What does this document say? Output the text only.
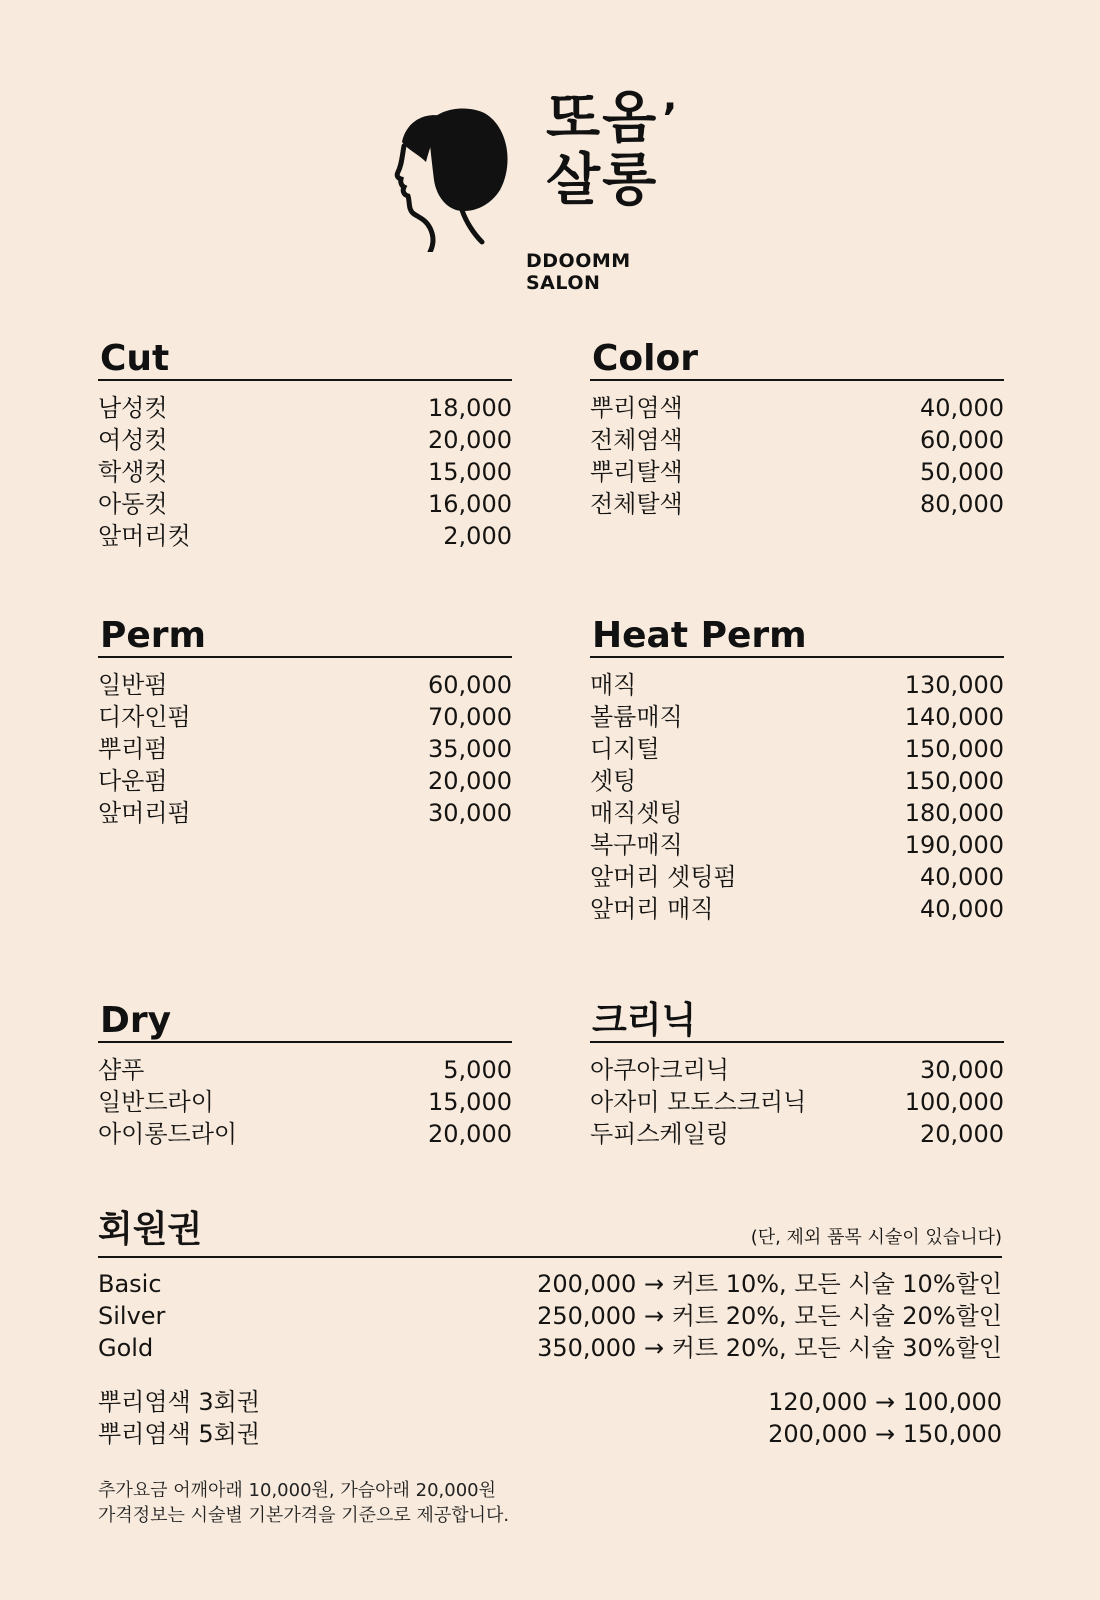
또옴 ’
살롱
DDOOMM SALON
Cut
남성컷	18,000
여성컷	20,000
학생컷	15,000
아동컷	16,000
앞머리컷	2,000
Color
뿌리염색	40,000
전체염색	60,000
뿌리탈색	50,000
전체탈색	80,000
Perm
일반펌	60,000
디자인펌	70,000
뿌리펌	35,000
다운펌	20,000
앞머리펌	30,000
Heat Perm
매직	130,000
볼륨매직	140,000
디지털	150,000
셋팅	150,000
매직셋팅	180,000
복구매직	190,000
앞머리 셋팅펌	40,000
앞머리 매직	40,000
Dry
샴푸	5,000
일반드라이	15,000
아이롱드라이	20,000
크리닉
아쿠아크리닉	30,000
아자미 모도스크리닉	100,000
두피스케일링	20,000
회원권	(단, 제외 품목 시술이 있습니다)
Basic	200,000 → 커트 10%, 모든 시술 10%할인
Silver	250,000 → 커트 20%, 모든 시술 20%할인
Gold	350,000 → 커트 20%, 모든 시술 30%할인
뿌리염색 3회권	120,000 → 100,000
뿌리염색 5회권	200,000 → 150,000
추가요금 어깨아래 10,000원, 가슴아래 20,000원
가격정보는 시술별 기본가격을 기준으로 제공합니다.
